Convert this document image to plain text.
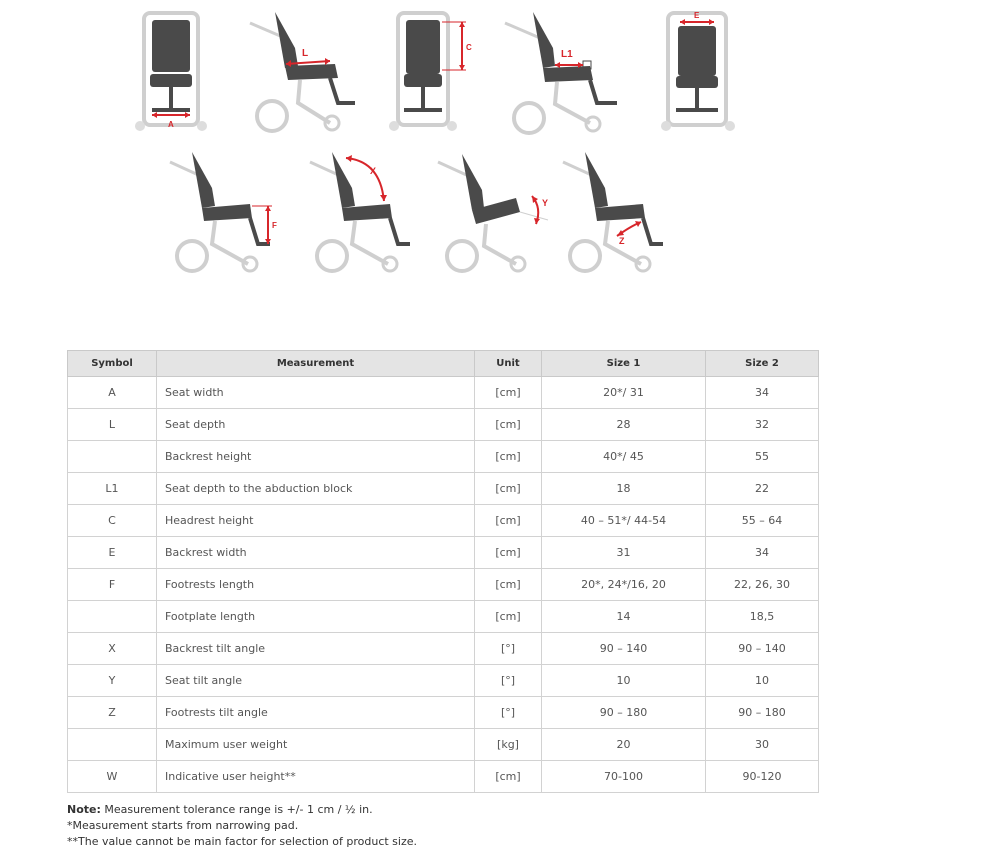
A
L
C
L1
E
F
X
Y
Z
Symbol	Measurement	Unit	Size 1	Size 2
A	Seat width	[cm]	20*/ 31	34
L	Seat depth	[cm]	28	32
	Backrest height	[cm]	40*/ 45	55
L1	Seat depth to the abduction block	[cm]	18	22
C	Headrest height	[cm]	40 – 51*/ 44-54	55 – 64
E	Backrest width	[cm]	31	34
F	Footrests length	[cm]	20*, 24*/16, 20	22, 26, 30
	Footplate length	[cm]	14	18,5
X	Backrest tilt angle	[°]	90 – 140	90 – 140
Y	Seat tilt angle	[°]	10	10
Z	Footrests tilt angle	[°]	90 – 180	90 – 180
	Maximum user weight	[kg]	20	30
W	Indicative user height**	[cm]	70-100	90-120
Note: Measurement tolerance range is +/- 1 cm / ½ in.
*Measurement starts from narrowing pad.
**The value cannot be main factor for selection of product size.
